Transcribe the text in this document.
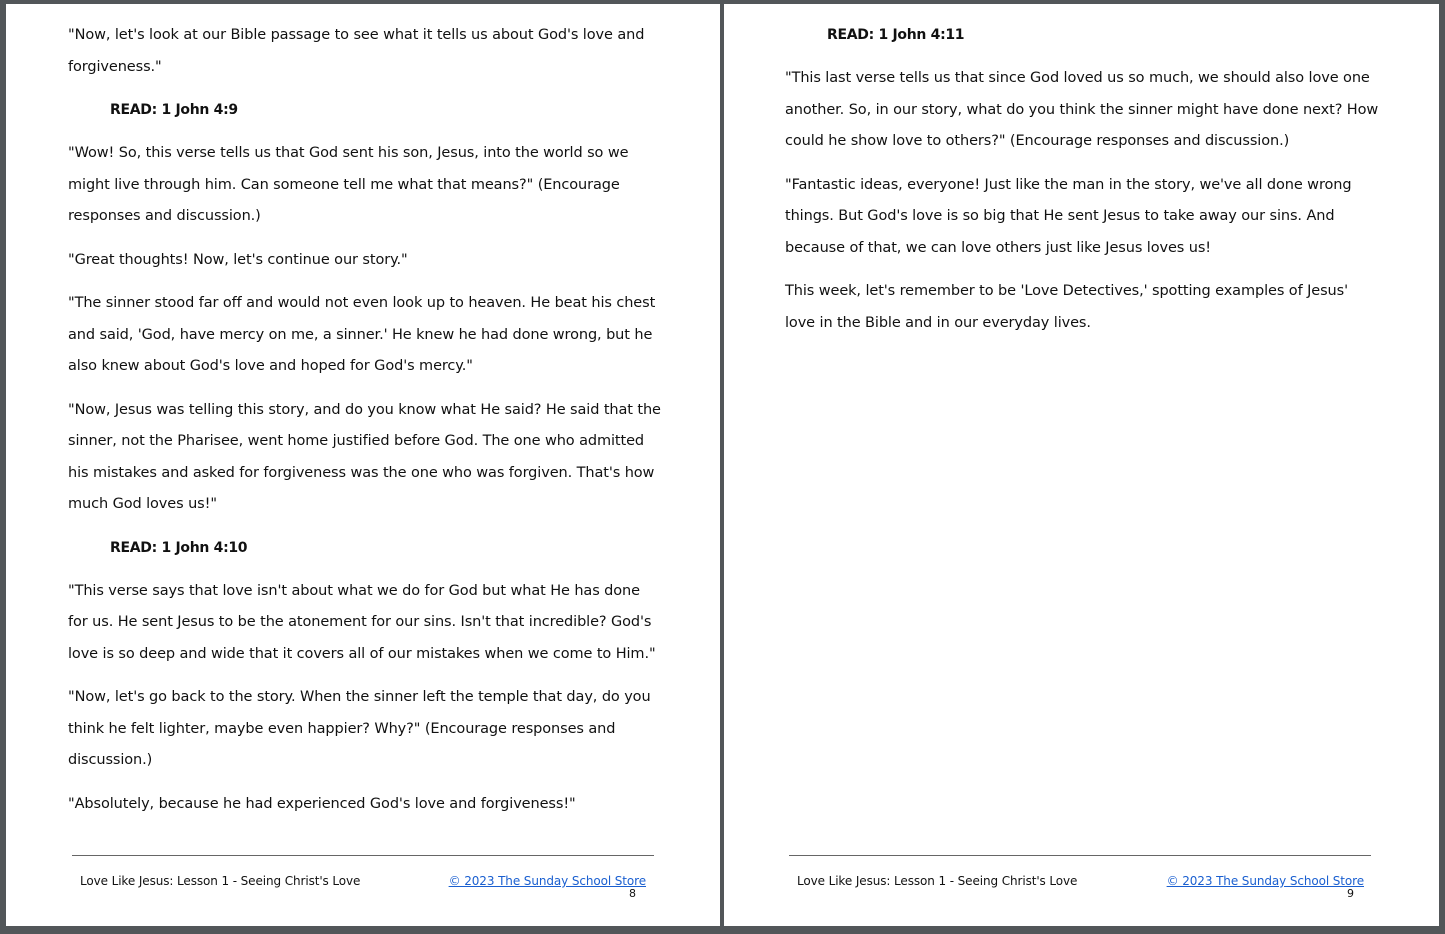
"Now, let's look at our Bible passage to see what it tells us about God's love and forgiveness."

READ: 1 John 4:9

"Wow! So, this verse tells us that God sent his son, Jesus, into the world so we might live through him. Can someone tell me what that means?" (Encourage responses and discussion.)

"Great thoughts! Now, let's continue our story."

"The sinner stood far off and would not even look up to heaven. He beat his chest and said, 'God, have mercy on me, a sinner.' He knew he had done wrong, but he also knew about God's love and hoped for God's mercy."

"Now, Jesus was telling this story, and do you know what He said? He said that the sinner, not the Pharisee, went home justified before God. The one who admitted his mistakes and asked for forgiveness was the one who was forgiven. That's how much God loves us!"

READ: 1 John 4:10

"This verse says that love isn't about what we do for God but what He has done for us. He sent Jesus to be the atonement for our sins. Isn't that incredible? God's love is so deep and wide that it covers all of our mistakes when we come to Him."

"Now, let's go back to the story. When the sinner left the temple that day, do you think he felt lighter, maybe even happier? Why?" (Encourage responses and discussion.)

"Absolutely, because he had experienced God's love and forgiveness!"

Love Like Jesus: Lesson 1 - Seeing Christ's Love	© 2023 The Sunday School Store
8

READ: 1 John 4:11

"This last verse tells us that since God loved us so much, we should also love one another. So, in our story, what do you think the sinner might have done next? How could he show love to others?" (Encourage responses and discussion.)

"Fantastic ideas, everyone! Just like the man in the story, we've all done wrong things. But God's love is so big that He sent Jesus to take away our sins. And because of that, we can love others just like Jesus loves us!

This week, let's remember to be 'Love Detectives,' spotting examples of Jesus' love in the Bible and in our everyday lives.

Love Like Jesus: Lesson 1 - Seeing Christ's Love	© 2023 The Sunday School Store
9
